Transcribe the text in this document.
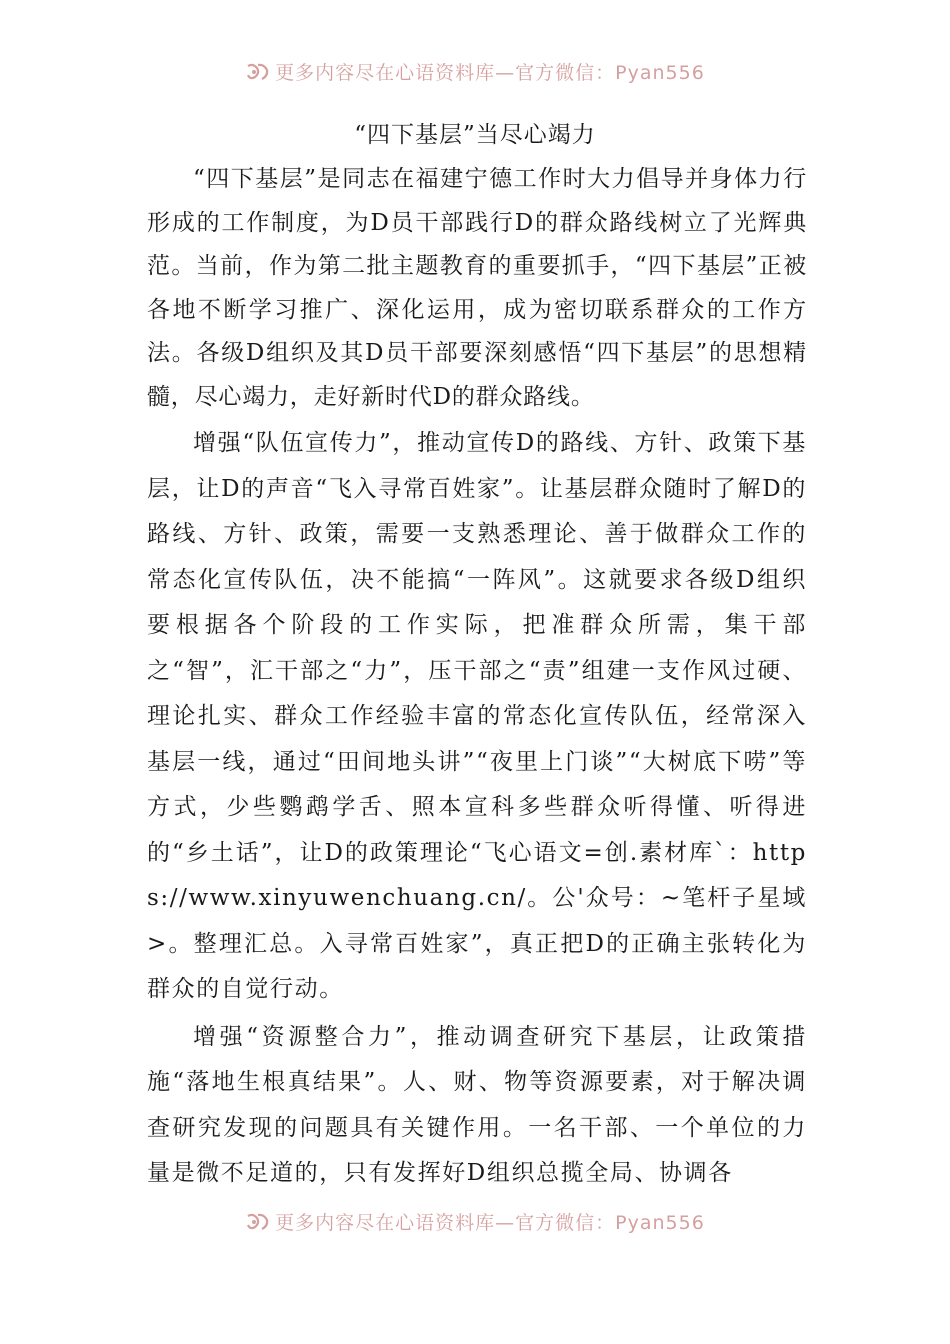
更多内容尽在心语资料库—官方微信：Pyan556
“四下基层”当尽心竭力

“四下基层”是同志在福建宁德工作时大力倡导并身体力行形成的工作制度，为D员干部践行D的群众路线树立了光辉典范。当前，作为第二批主题教育的重要抓手，“四下基层”正被各地不断学习推广、深化运用，成为密切联系群众的工作方法。各级D组织及其D员干部要深刻感悟“四下基层”的思想精髓，尽心竭力，走好新时代D的群众路线。

增强“队伍宣传力”，推动宣传D的路线、方针、政策下基层，让D的声音“飞入寻常百姓家”。让基层群众随时了解D的路线、方针、政策，需要一支熟悉理论、善于做群众工作的常态化宣传队伍，决不能搞“一阵风”。这就要求各级D组织要根据各个阶段的工作实际，把准群众所需，集干部之“智”，汇干部之“力”，压干部之“责”组建一支作风过硬、理论扎实、群众工作经验丰富的常态化宣传队伍，经常深入基层一线，通过“田间地头讲”“夜里上门谈”“大树底下唠”等方式，少些鹦鹉学舌、照本宣科多些群众听得懂、听得进的“乡土话”，让D的政策理论“飞心语文=创.素材库`：https://www.xinyuwenchuang.cn/。公'众号：~笔杆子星域>。整理汇总。入寻常百姓家”，真正把D的正确主张转化为群众的自觉行动。

增强“资源整合力”，推动调查研究下基层，让政策措施“落地生根真结果”。人、财、物等资源要素，对于解决调查研究发现的问题具有关键作用。一名干部、一个单位的力量是微不足道的，只有发挥好D组织总揽全局、协调各

更多内容尽在心语资料库—官方微信：Pyan556
